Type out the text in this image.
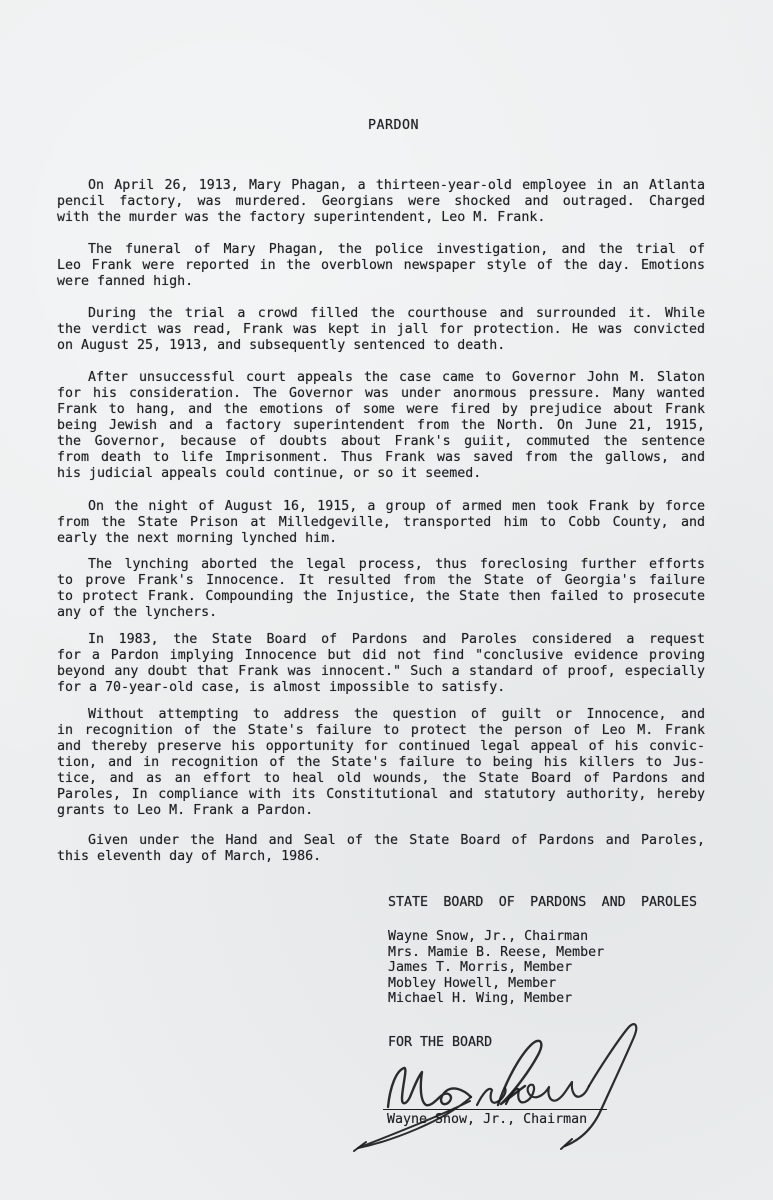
PARDON
On April 26, 1913, Mary Phagan, a thirteen-year-old employee in an Atlanta
pencil factory, was murdered. Georgians were shocked and outraged. Charged
with the murder was the factory superintendent, Leo M. Frank.
The funeral of Mary Phagan, the police investigation, and the trial of
Leo Frank were reported in the overblown newspaper style of the day. Emotions
were fanned high.
During the trial a crowd filled the courthouse and surrounded it. While
the verdict was read, Frank was kept in jall for protection. He was convicted
on August 25, 1913, and subsequently sentenced to death.
After unsuccessful court appeals the case came to Governor John M. Slaton
for his consideration. The Governor was under anormous pressure. Many wanted
Frank to hang, and the emotions of some were fired by prejudice about Frank
being Jewish and a factory superintendent from the North. On June 21, 1915,
the Governor, because of doubts about Frank's guiit, commuted the sentence
from death to life Imprisonment. Thus Frank was saved from the gallows, and
his judicial appeals could continue, or so it seemed.
On the night of August 16, 1915, a group of armed men took Frank by force
from the State Prison at Milledgeville, transported him to Cobb County, and
early the next morning lynched him.
The lynching aborted the legal process, thus foreclosing further efforts
to prove Frank's Innocence. It resulted from the State of Georgia's failure
to protect Frank. Compounding the Injustice, the State then failed to prosecute
any of the lynchers.
In 1983, the State Board of Pardons and Paroles considered a request
for a Pardon implying Innocence but did not find "conclusive evidence proving
beyond any doubt that Frank was innocent." Such a standard of proof, especially
for a 70-year-old case, is almost impossible to satisfy.
Without attempting to address the question of guilt or Innocence, and
in recognition of the State's failure to protect the person of Leo M. Frank
and thereby preserve his opportunity for continued legal appeal of his convic-
tion, and in recognition of the State's failure to being his killers to Jus-
tice, and as an effort to heal old wounds, the State Board of Pardons and
Paroles, In compliance with its Constitutional and statutory authority, hereby
grants to Leo M. Frank a Pardon.
Given under the Hand and Seal of the State Board of Pardons and Paroles,
this eleventh day of March, 1986.
STATE BOARD OF PARDONS AND PAROLES
Wayne Snow, Jr., Chairman
Mrs. Mamie B. Reese, Member
James T. Morris, Member
Mobley Howell, Member
Michael H. Wing, Member
FOR THE BOARD
Wayne Snow, Jr., Chairman
